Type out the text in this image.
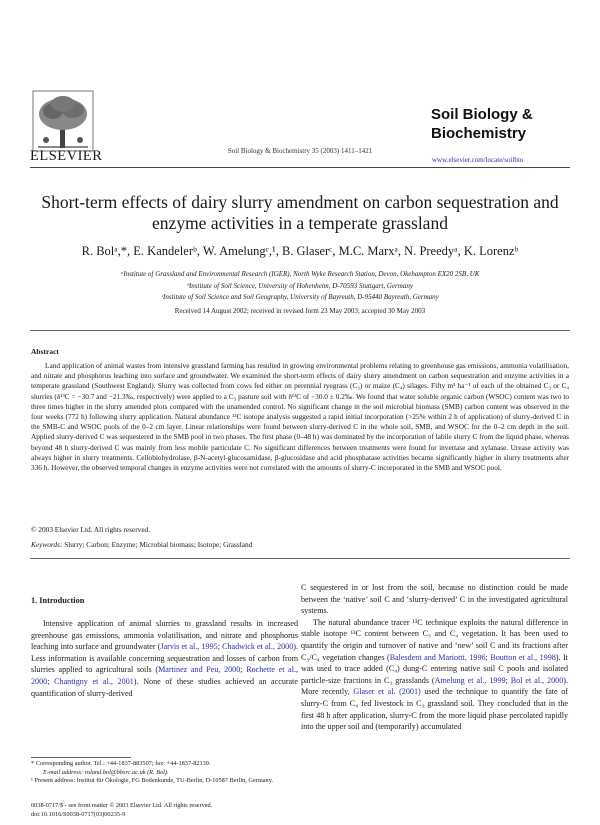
ELSEVIER	Soil Biology & Biochemistry 35 (2003) 1411–1421
Soil Biology &
Biochemistry
www.elsevier.com/locate/soilbio
Short-term effects of dairy slurry amendment on carbon sequestration and enzyme activities in a temperate grassland
R. Bolᵃ,*, E. Kandelerᵇ, W. Amelungᶜ,¹, B. Glaserᶜ, M.C. Marxᵃ, N. Preedyᵃ, K. Lorenzᵇ
ᵃInstitute of Grassland and Environmental Research (IGER), North Wyke Research Station, Devon, Okehampton EX20 2SB, UK
ᵇInstitute of Soil Science, University of Hohenheim, D-70593 Stuttgart, Germany
ᶜInstitute of Soil Science and Soil Geography, University of Bayreuth, D-95440 Bayreuth, Germany
Received 14 August 2002; received in revised form 23 May 2003; accepted 30 May 2003
Abstract
Land application of animal wastes from intensive grassland farming has resulted in growing environmental problems relating to greenhouse gas emissions, ammonia volatilisation, and nitrate and phosphorus leaching into surface and groundwater. We examined the short-term effects of dairy slurry amendment on carbon sequestration and enzyme activities in a temperate grassland (Southwest England). Slurry was collected from cows fed either on perennial ryegrass (C₃) or maize (C₄) silages. Fifty m³ ha⁻¹ of each of the obtained C₃ or C₄ slurries (δ¹³C = −30.7 and −21.3‰, respectively) were applied to a C₃ pasture soil with δ¹³C of −30.0 ± 0.2‰. We found that water soluble organic carbon (WSOC) content was two to three times higher in the slurry amended plots compared with the unamended control. No significant change in the soil microbial biomass (SMB) carbon content was observed in the four weeks (772 h) following slurry application. Natural abundance ¹³C isotope analysis suggested a rapid initial incorporation (>25% within 2 h of application) of slurry-derived C in the SMB-C and WSOC pools of the 0–2 cm layer. Linear relationships were found between slurry-derived C in the whole soil, SMB, and WSOC for the 0–2 cm depth in the soil. Applied slurry-derived C was sequestered in the SMB pool in two phases. The first phase (0–48 h) was dominated by the incorporation of labile slurry C from the liquid phase, whereas beyond 48 h slurry-derived C was mainly from less mobile particulate C. No significant differences between treatments were found for invertase and xylanase. Urease activity was always higher in slurry treatments. Cellobiohydrolase, β-N-acetyl-glucosamidase, β-glucosidase and acid phosphatase activities became significantly higher in slurry treatments after 336 h. However, the observed temporal changes in enzyme activities were not correlated with the amounts of slurry-C incorporated in the SMB and WSOC pool.
© 2003 Elsevier Ltd. All rights reserved.
Keywords: Slurry; Carbon; Enzyme; Microbial biomass; Isotope; Grassland
1. Introduction

Intensive application of animal slurries to grassland results in increased greenhouse gas emissions, ammonia volatilisation, and nitrate and phosphorus leaching into surface and groundwater (Jarvis et al., 1995; Chadwick et al., 2000). Less information is available concerning sequestration and losses of carbon from slurries applied to agricultural soils (Martinez and Peu, 2000; Rochette et al., 2000; Chantigny et al., 2001). None of these studies achieved an accurate quantification of slurry-derived

C sequestered in or lost from the soil, because no distinction could be made between the ‘native’ soil C and ‘slurry-derived’ C in the investigated agricultural systems.

The natural abundance tracer ¹³C technique exploits the natural difference in stable isotope ¹³C content between C₃ and C₄ vegetation. It has been used to quantify the origin and turnover of native and ‘new’ soil C and its fractions after C₃/C₄ vegetation changes (Balesdent and Mariotti, 1996; Boutton et al., 1998). It was used to trace added (C₄) dung-C entering native soil C pools and isolated particle-size fractions in C₃ grasslands (Amelung et al., 1999; Bol et al., 2000). More recently, Glaser et al. (2001) used the technique to quantify the fate of slurry-C from C₄ fed livestock in C₃ grassland soil. They concluded that in the first 48 h after application, slurry-C from the more liquid phase percolated rapidly into the upper soil and (temporarily) accumulated

* Corresponding author. Tel.: +44-1837-883507; fax: +44-1837-82139.
E-mail address: roland.bol@bbsrc.ac.uk (R. Bol).
¹ Present address: Institut für Ökologie, FG Bodenkunde, TU-Berlin, D-10587 Berlin, Germany.
0038-0717/$ - see front matter © 2003 Elsevier Ltd. All rights reserved.
doi:10.1016/S0038-0717(03)00235-9
